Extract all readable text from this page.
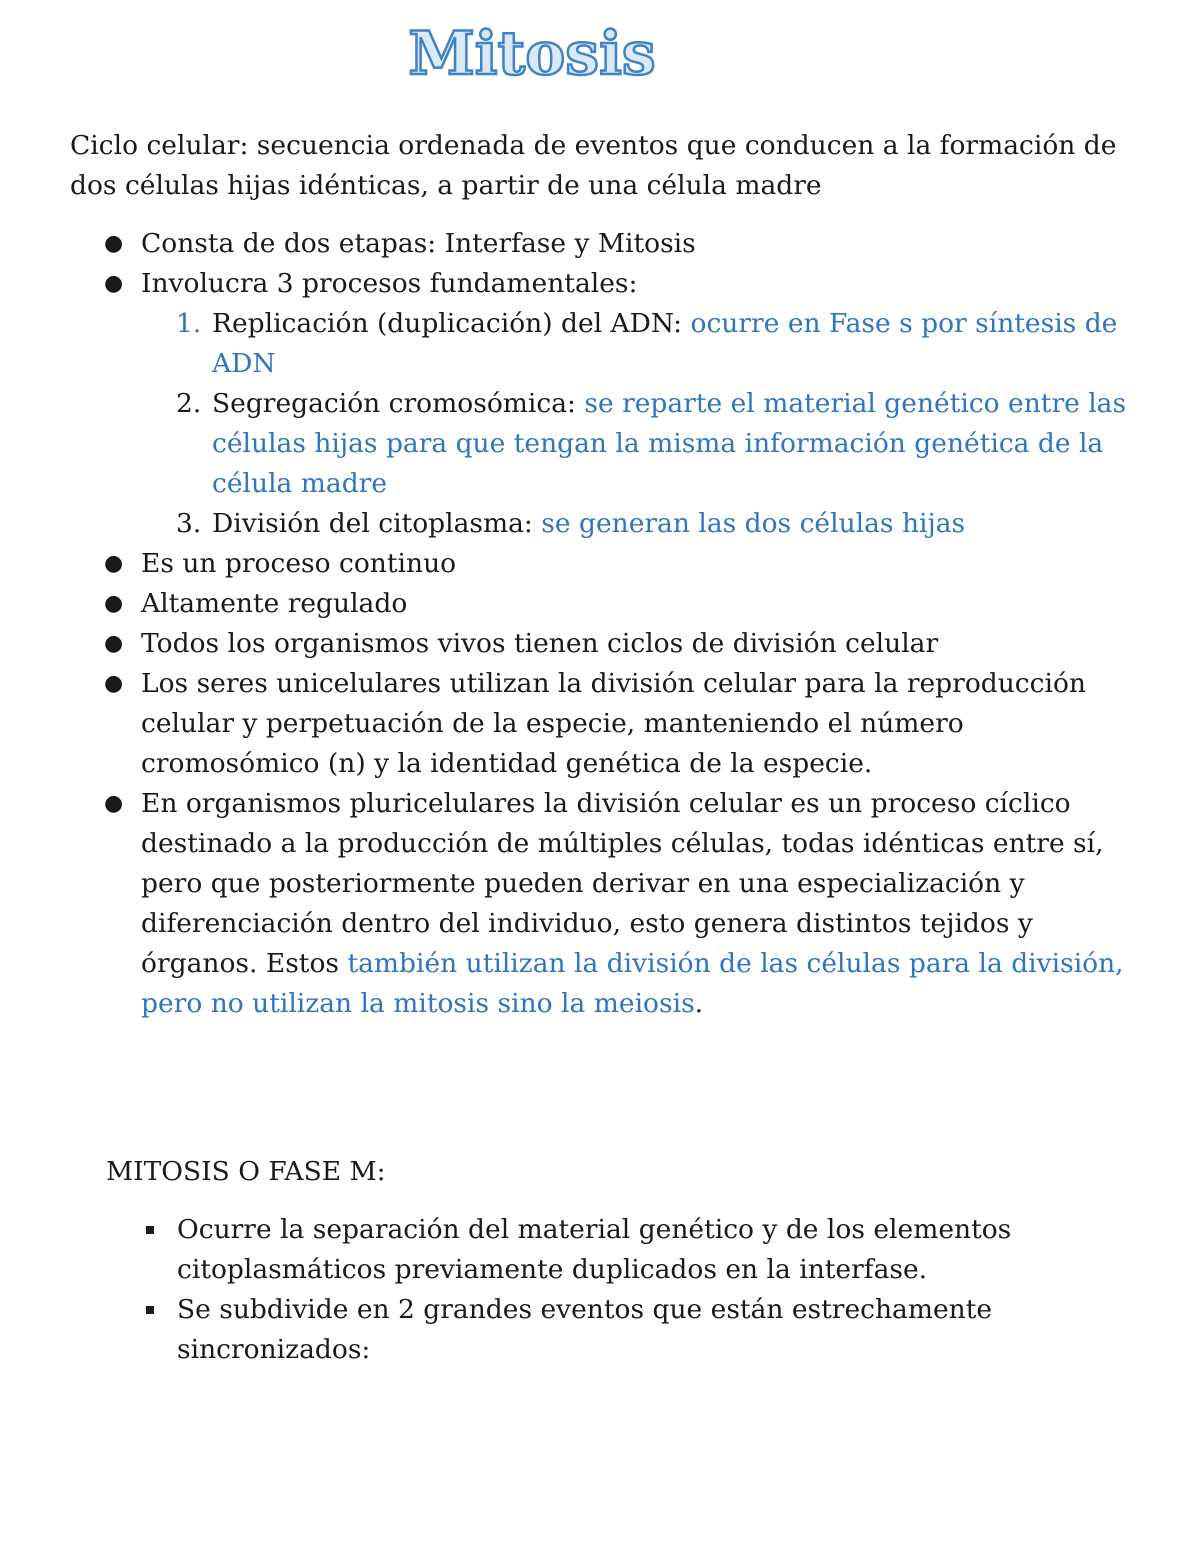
Mitosis

Ciclo celular: secuencia ordenada de eventos que conducen a la formación de dos células hijas idénticas, a partir de una célula madre

● Consta de dos etapas: Interfase y Mitosis
● Involucra 3 procesos fundamentales:
1. Replicación (duplicación) del ADN: ocurre en Fase s por síntesis de ADN
2. Segregación cromosómica: se reparte el material genético entre las células hijas para que tengan la misma información genética de la célula madre
3. División del citoplasma: se generan las dos células hijas
● Es un proceso continuo
● Altamente regulado
● Todos los organismos vivos tienen ciclos de división celular
● Los seres unicelulares utilizan la división celular para la reproducción celular y perpetuación de la especie, manteniendo el número cromosómico (n) y la identidad genética de la especie.
● En organismos pluricelulares la división celular es un proceso cíclico destinado a la producción de múltiples células, todas idénticas entre sí, pero que posteriormente pueden derivar en una especialización y diferenciación dentro del individuo, esto genera distintos tejidos y órganos. Estos también utilizan la división de las células para la división, pero no utilizan la mitosis sino la meiosis.

MITOSIS O FASE M:

Ocurre la separación del material genético y de los elementos citoplasmáticos previamente duplicados en la interfase.
Se subdivide en 2 grandes eventos que están estrechamente sincronizados:
